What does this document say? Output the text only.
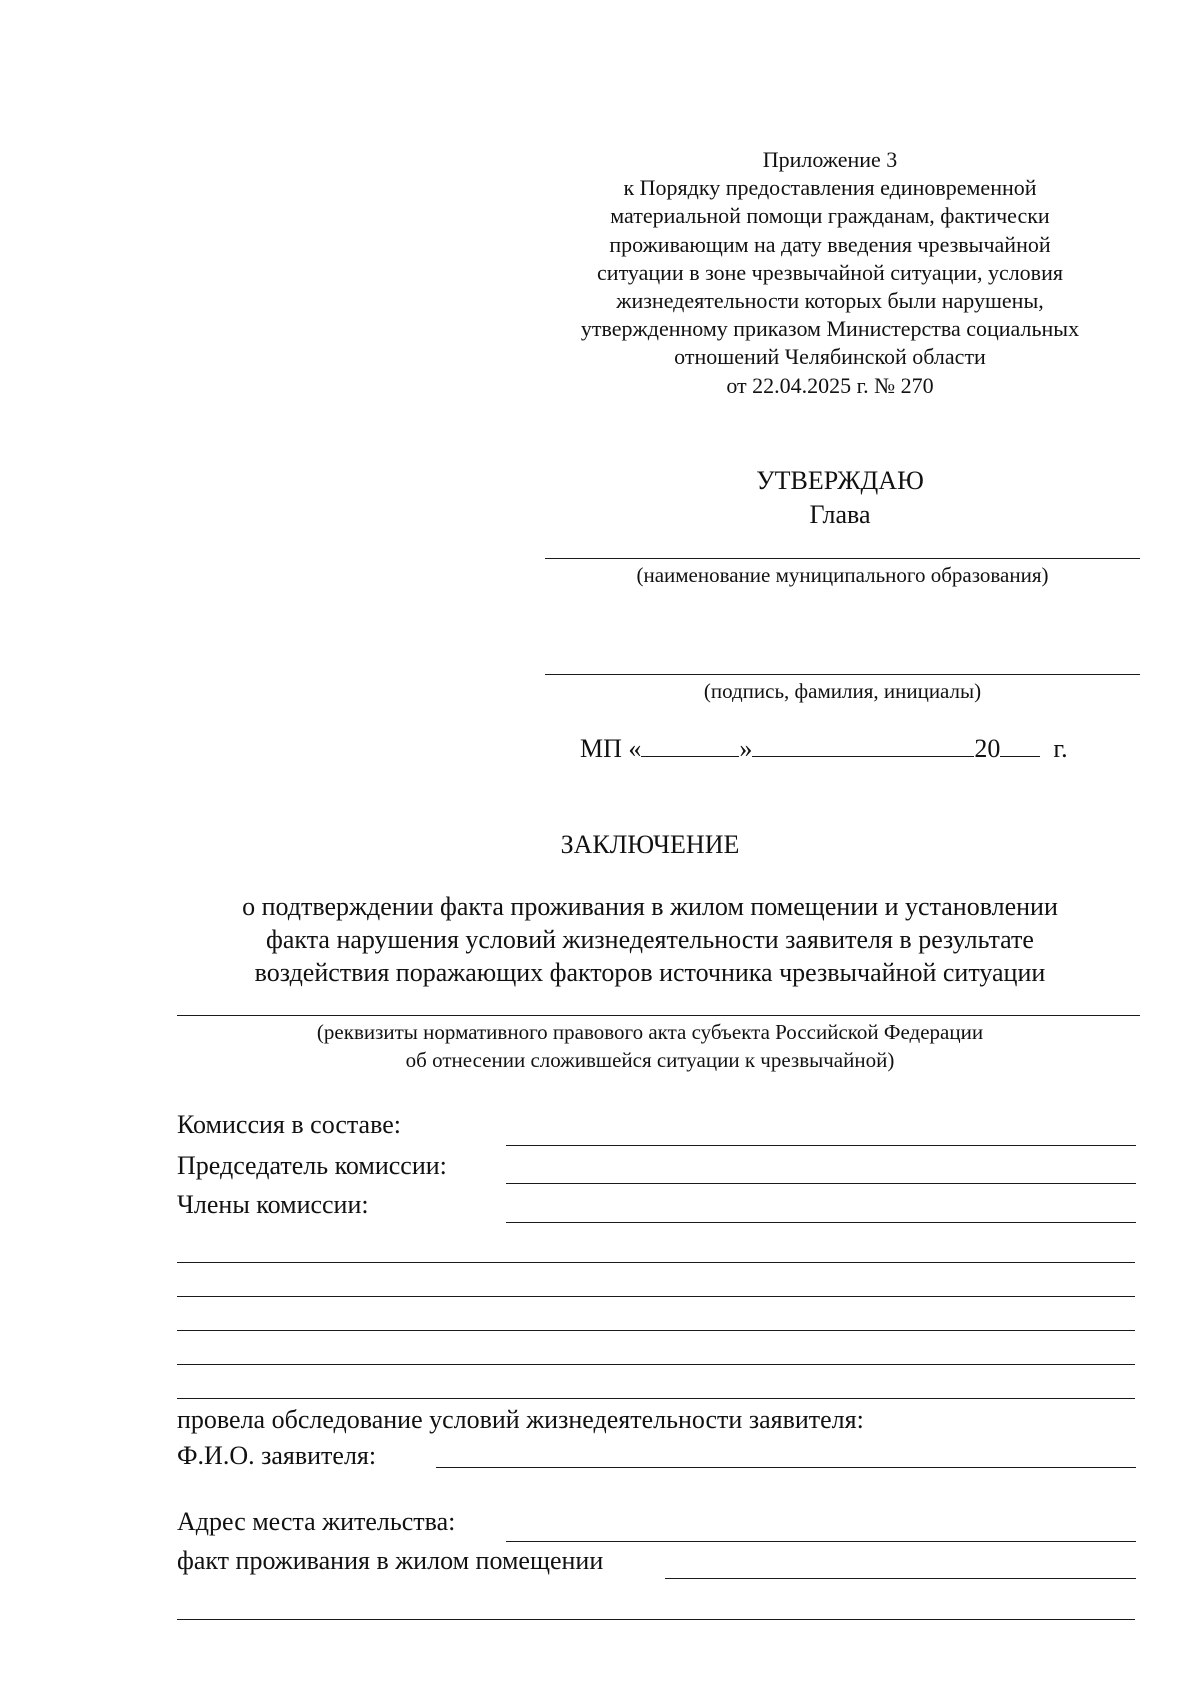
Приложение 3
к Порядку предоставления единовременной
материальной помощи гражданам, фактически
проживающим на дату введения чрезвычайной
ситуации в зоне чрезвычайной ситуации, условия
жизнедеятельности которых были нарушены,
утвержденному приказом Министерства социальных
отношений Челябинской области
от 22.04.2025 г. № 270
УТВЕРЖДАЮ
Глава
(наименование муниципального образования)
(подпись, фамилия, инициалы)
МП «	»	20 г.
ЗАКЛЮЧЕНИЕ
о подтверждении факта проживания в жилом помещении и установлении
факта нарушения условий жизнедеятельности заявителя в результате
воздействия поражающих факторов источника чрезвычайной ситуации
(реквизиты нормативного правового акта субъекта Российской Федерации
об отнесении сложившейся ситуации к чрезвычайной)
Комиссия в составе:
Председатель комиссии:
Члены комиссии:
провела обследование условий жизнедеятельности заявителя:
Ф.И.О. заявителя:
Адрес места жительства:
факт проживания в жилом помещении
